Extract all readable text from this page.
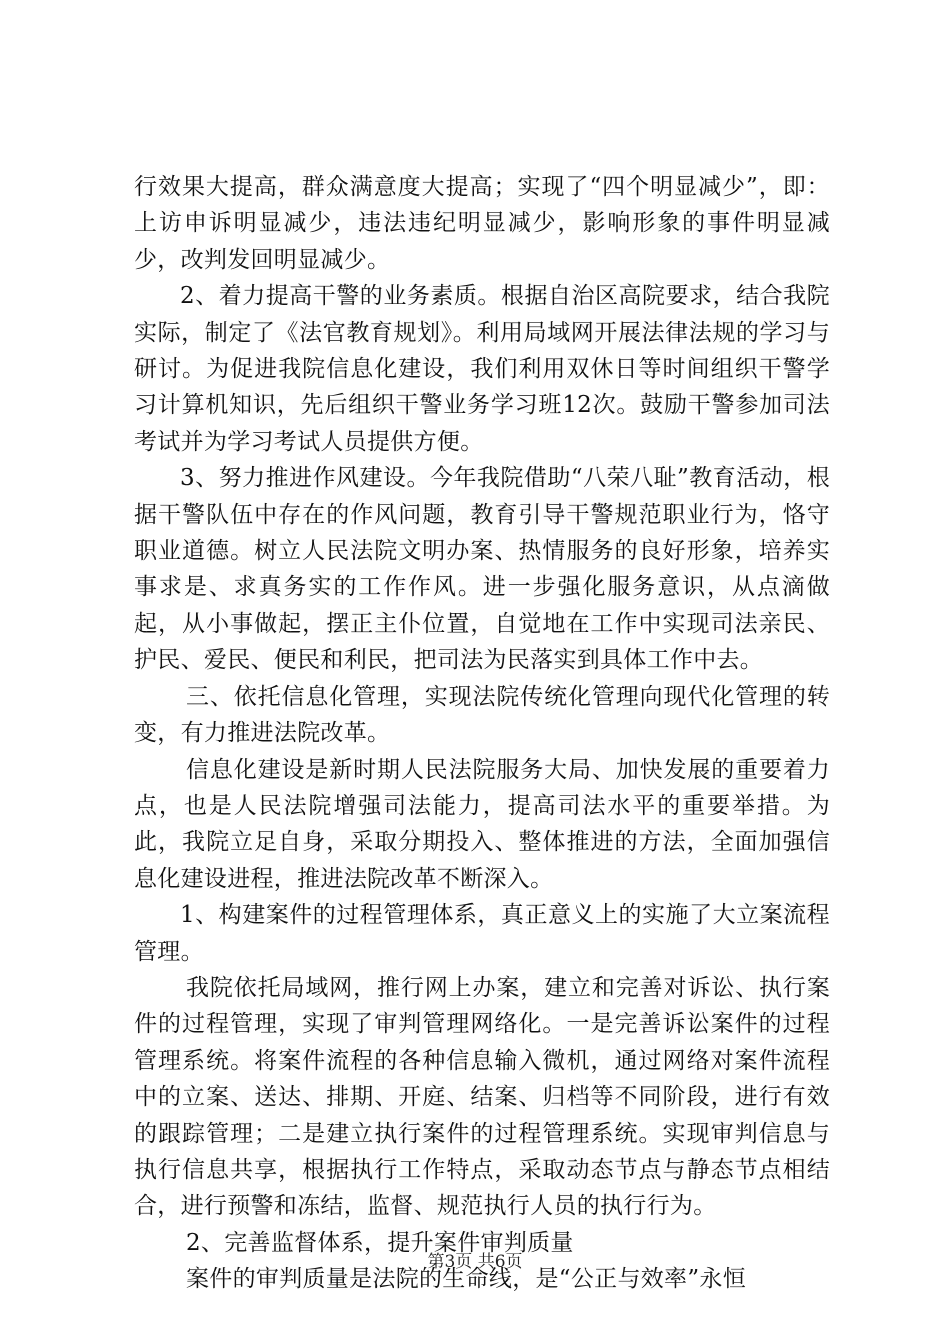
行效果大提高，群众满意度大提高；实现了“四个明显减少”，即：上访申诉明显减少，违法违纪明显减少，影响形象的事件明显减少，改判发回明显减少。

2、着力提高干警的业务素质。根据自治区高院要求，结合我院实际，制定了《法官教育规划》。利用局域网开展法律法规的学习与研讨。为促进我院信息化建设，我们利用双休日等时间组织干警学习计算机知识，先后组织干警业务学习班12次。鼓励干警参加司法考试并为学习考试人员提供方便。

3、努力推进作风建设。今年我院借助“八荣八耻”教育活动，根据干警队伍中存在的作风问题，教育引导干警规范职业行为，恪守职业道德。树立人民法院文明办案、热情服务的良好形象，培养实事求是、求真务实的工作作风。进一步强化服务意识，从点滴做起，从小事做起，摆正主仆位置，自觉地在工作中实现司法亲民、护民、爱民、便民和利民，把司法为民落实到具体工作中去。

三、依托信息化管理，实现法院传统化管理向现代化管理的转变，有力推进法院改革。

信息化建设是新时期人民法院服务大局、加快发展的重要着力点，也是人民法院增强司法能力，提高司法水平的重要举措。为此，我院立足自身，采取分期投入、整体推进的方法，全面加强信息化建设进程，推进法院改革不断深入。

1、构建案件的过程管理体系，真正意义上的实施了大立案流程管理。

我院依托局域网，推行网上办案，建立和完善对诉讼、执行案件的过程管理，实现了审判管理网络化。一是完善诉讼案件的过程管理系统。将案件流程的各种信息输入微机，通过网络对案件流程中的立案、送达、排期、开庭、结案、归档等不同阶段，进行有效的跟踪管理；二是建立执行案件的过程管理系统。实现审判信息与执行信息共享，根据执行工作特点，采取动态节点与静态节点相结合，进行预警和冻结，监督、规范执行人员的执行行为。

2、完善监督体系，提升案件审判质量

案件的审判质量是法院的生命线，是“公正与效率”永恒

第3页 共6页
